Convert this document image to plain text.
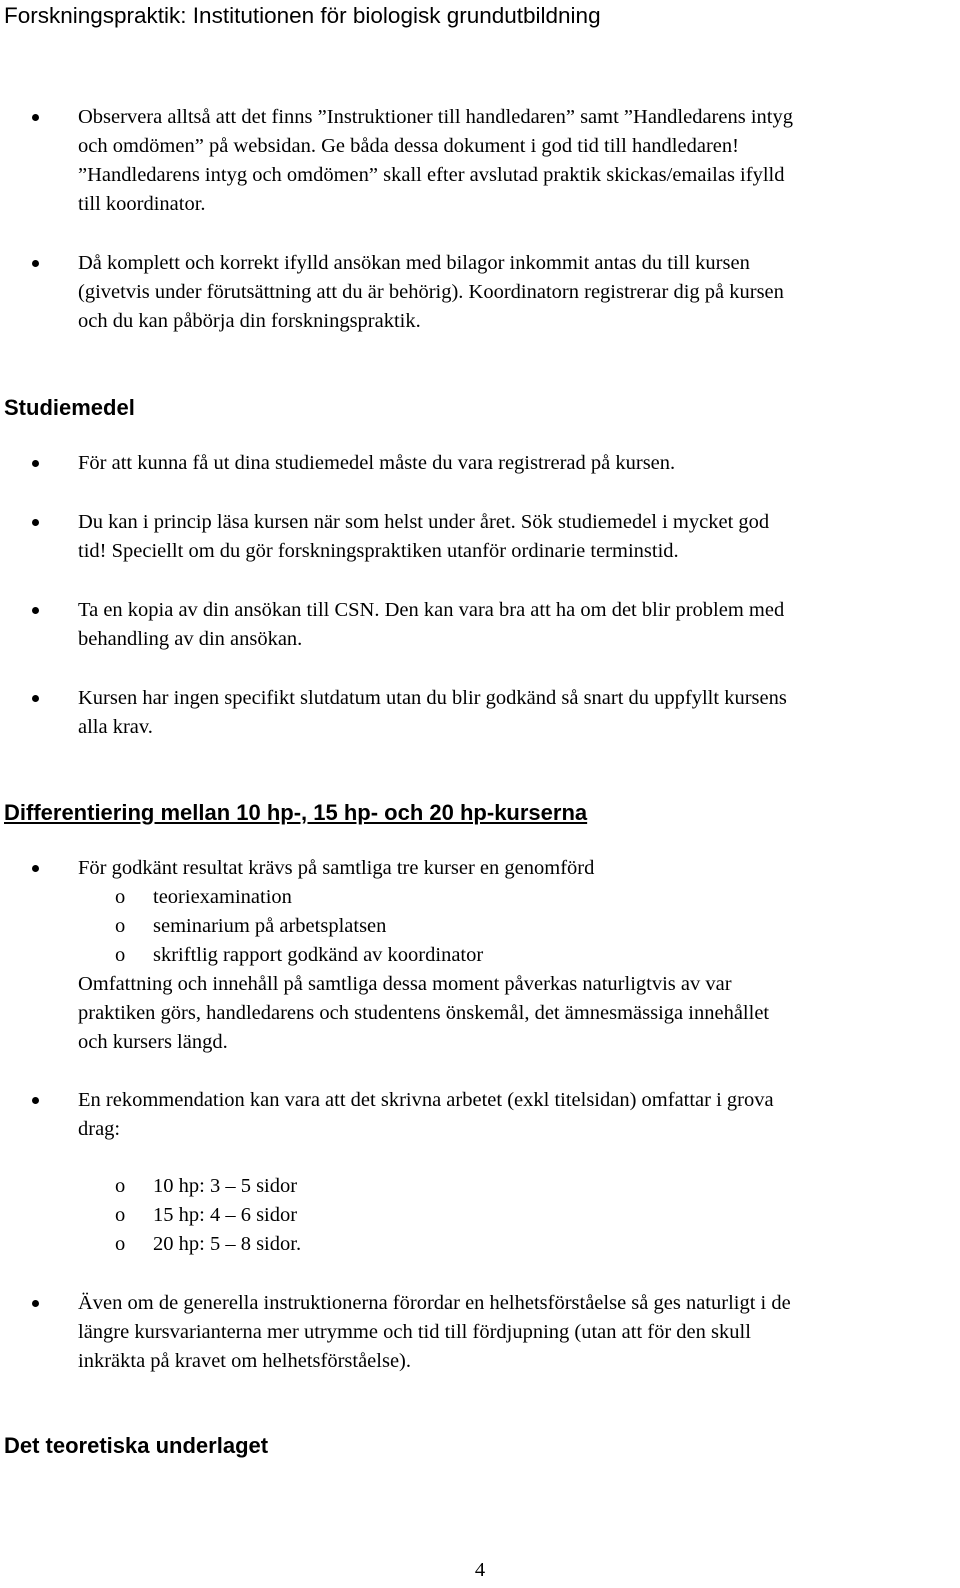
Forskningspraktik: Institutionen för biologisk grundutbildning
Observera alltså att det finns ”Instruktioner till handledaren” samt ”Handledarens intyg
och omdömen” på websidan. Ge båda dessa dokument i god tid till handledaren!
”Handledarens intyg och omdömen” skall efter avslutad praktik skickas/emailas ifylld
till koordinator.
Då komplett och korrekt ifylld ansökan med bilagor inkommit antas du till kursen
(givetvis under förutsättning att du är behörig). Koordinatorn registrerar dig på kursen
och du kan påbörja din forskningspraktik.
Studiemedel
För att kunna få ut dina studiemedel måste du vara registrerad på kursen.
Du kan i princip läsa kursen när som helst under året. Sök studiemedel i mycket god
tid! Speciellt om du gör forskningspraktiken utanför ordinarie terminstid.
Ta en kopia av din ansökan till CSN. Den kan vara bra att ha om det blir problem med
behandling av din ansökan.
Kursen har ingen specifikt slutdatum utan du blir godkänd så snart du uppfyllt kursens
alla krav.
Differentiering mellan 10 hp-, 15 hp- och 20 hp-kurserna
För godkänt resultat krävs på samtliga tre kurser en genomförd
o teoriexamination
o seminarium på arbetsplatsen
o skriftlig rapport godkänd av koordinator
Omfattning och innehåll på samtliga dessa moment påverkas naturligtvis av var
praktiken görs, handledarens och studentens önskemål, det ämnesmässiga innehållet
och kursers längd.
En rekommendation kan vara att det skrivna arbetet (exkl titelsidan) omfattar i grova
drag:
o 10 hp: 3 – 5 sidor
o 15 hp: 4 – 6 sidor
o 20 hp: 5 – 8 sidor.
Även om de generella instruktionerna förordar en helhetsförståelse så ges naturligt i de
längre kursvarianterna mer utrymme och tid till fördjupning (utan att för den skull
inkräkta på kravet om helhetsförståelse).
Det teoretiska underlaget
4
